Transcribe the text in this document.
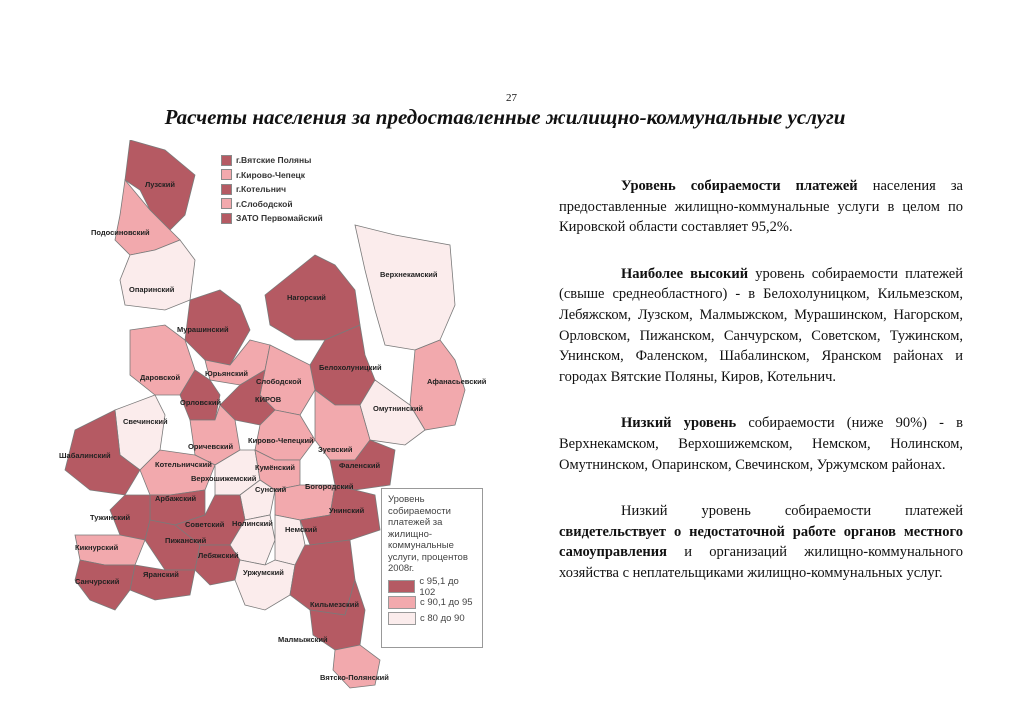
27
Расчеты населения за предоставленные жилищно-коммунальные услуги
Лузский
Подосиновский
Опаринский
Верхнекамский
Нагорский
Мурашинский
Юрьянский
Белохолуницкий
Афанасьевский
Даровской
Орловский
Слободской
КИРОВ
Омутнинский
Свечинский
Шабалинский
Оричевский
Кирово-Чепецкий
Зуевский
Котельничский
Верхошижемский
Кумёнский	Фаленский
Арбажский
Сунский Богородский
Тужинский
Советский Нолинский
Немский
Унинский
Пижанский
Кикнурский
Лебяжский
Яранский
Санчурский
Уржумский
Кильмезский
Малмыжский
Вятско-Полянский
г.Вятские Поляны
г.Кирово-Чепецк
г.Котельнич
г.Слободской
ЗАТО Первомайский
Уровень собираемости платежей за жилищно-коммунальные услуги, процентов 2008г.
с 95,1 до 102
с 90,1 до 95
с 80 до 90

Уровень собираемости платежей населения за предоставленные жилищно-коммунальные услуги в целом по Кировской области составляет 95,2%.

Наиболее высокий уровень собираемости платежей (свыше среднеобластного) - в Белохолуницком, Кильмезском, Лебяжском, Лузском, Малмыжском, Мурашинском, Нагорском, Орловском, Пижанском, Санчурском, Советском, Тужинском, Унинском, Фаленском, Шабалинском, Яранском районах и городах Вятские Поляны, Киров, Котельнич.

Низкий уровень собираемости (ниже 90%) - в Верхнекамском, Верхошижемском, Немском, Нолинском, Омутнинском, Опаринском, Свечинском, Уржумском районах.

Низкий уровень собираемости платежей свидетельствует о недостаточной работе органов местного самоуправления и организаций жилищно-коммунального хозяйства с неплательщиками жилищно-коммунальных услуг.
